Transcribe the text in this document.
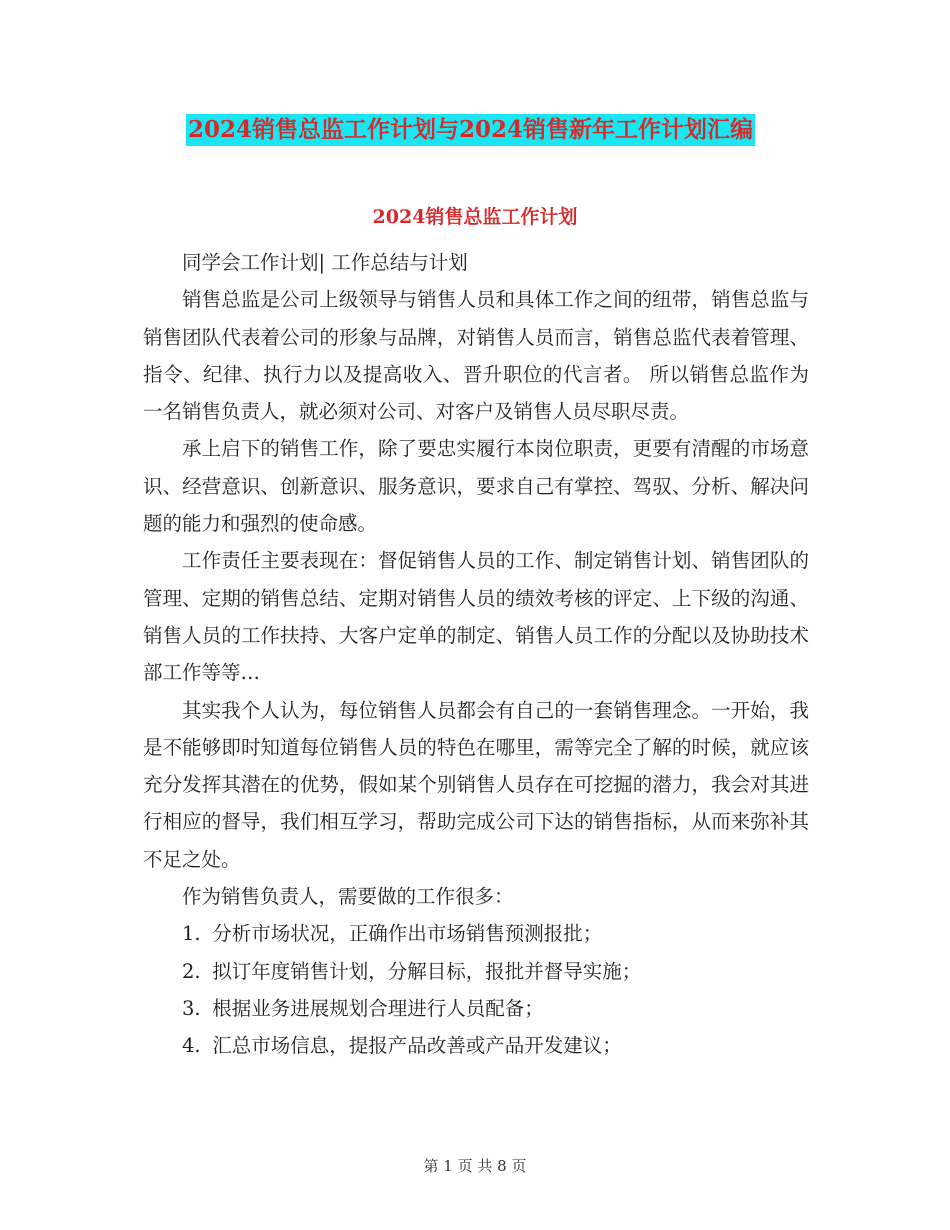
2024销售总监工作计划与2024销售新年工作计划汇编
2024销售总监工作计划

同学会工作计划| 工作总结与计划

销售总监是公司上级领导与销售人员和具体工作之间的纽带，销售总监与销售团队代表着公司的形象与品牌，对销售人员而言，销售总监代表着管理、指令、纪律、执行力以及提高收入、晋升职位的代言者。 所以销售总监作为一名销售负责人，就必须对公司、对客户及销售人员尽职尽责。

承上启下的销售工作，除了要忠实履行本岗位职责，更要有清醒的市场意识、经营意识、创新意识、服务意识，要求自己有掌控、驾驭、分析、解决问题的能力和强烈的使命感。

工作责任主要表现在：督促销售人员的工作、制定销售计划、销售团队的管理、定期的销售总结、定期对销售人员的绩效考核的评定、上下级的沟通、销售人员的工作扶持、大客户定单的制定、销售人员工作的分配以及协助技术部工作等等…

其实我个人认为，每位销售人员都会有自己的一套销售理念。一开始，我是不能够即时知道每位销售人员的特色在哪里，需等完全了解的时候，就应该充分发挥其潜在的优势，假如某个别销售人员存在可挖掘的潜力，我会对其进行相应的督导，我们相互学习，帮助完成公司下达的销售指标，从而来弥补其不足之处。

作为销售负责人，需要做的工作很多：

1. 分析市场状况，正确作出市场销售预测报批；
2. 拟订年度销售计划，分解目标，报批并督导实施；
3. 根据业务进展规划合理进行人员配备；
4. 汇总市场信息，提报产品改善或产品开发建议；
第 1 页 共 8 页
